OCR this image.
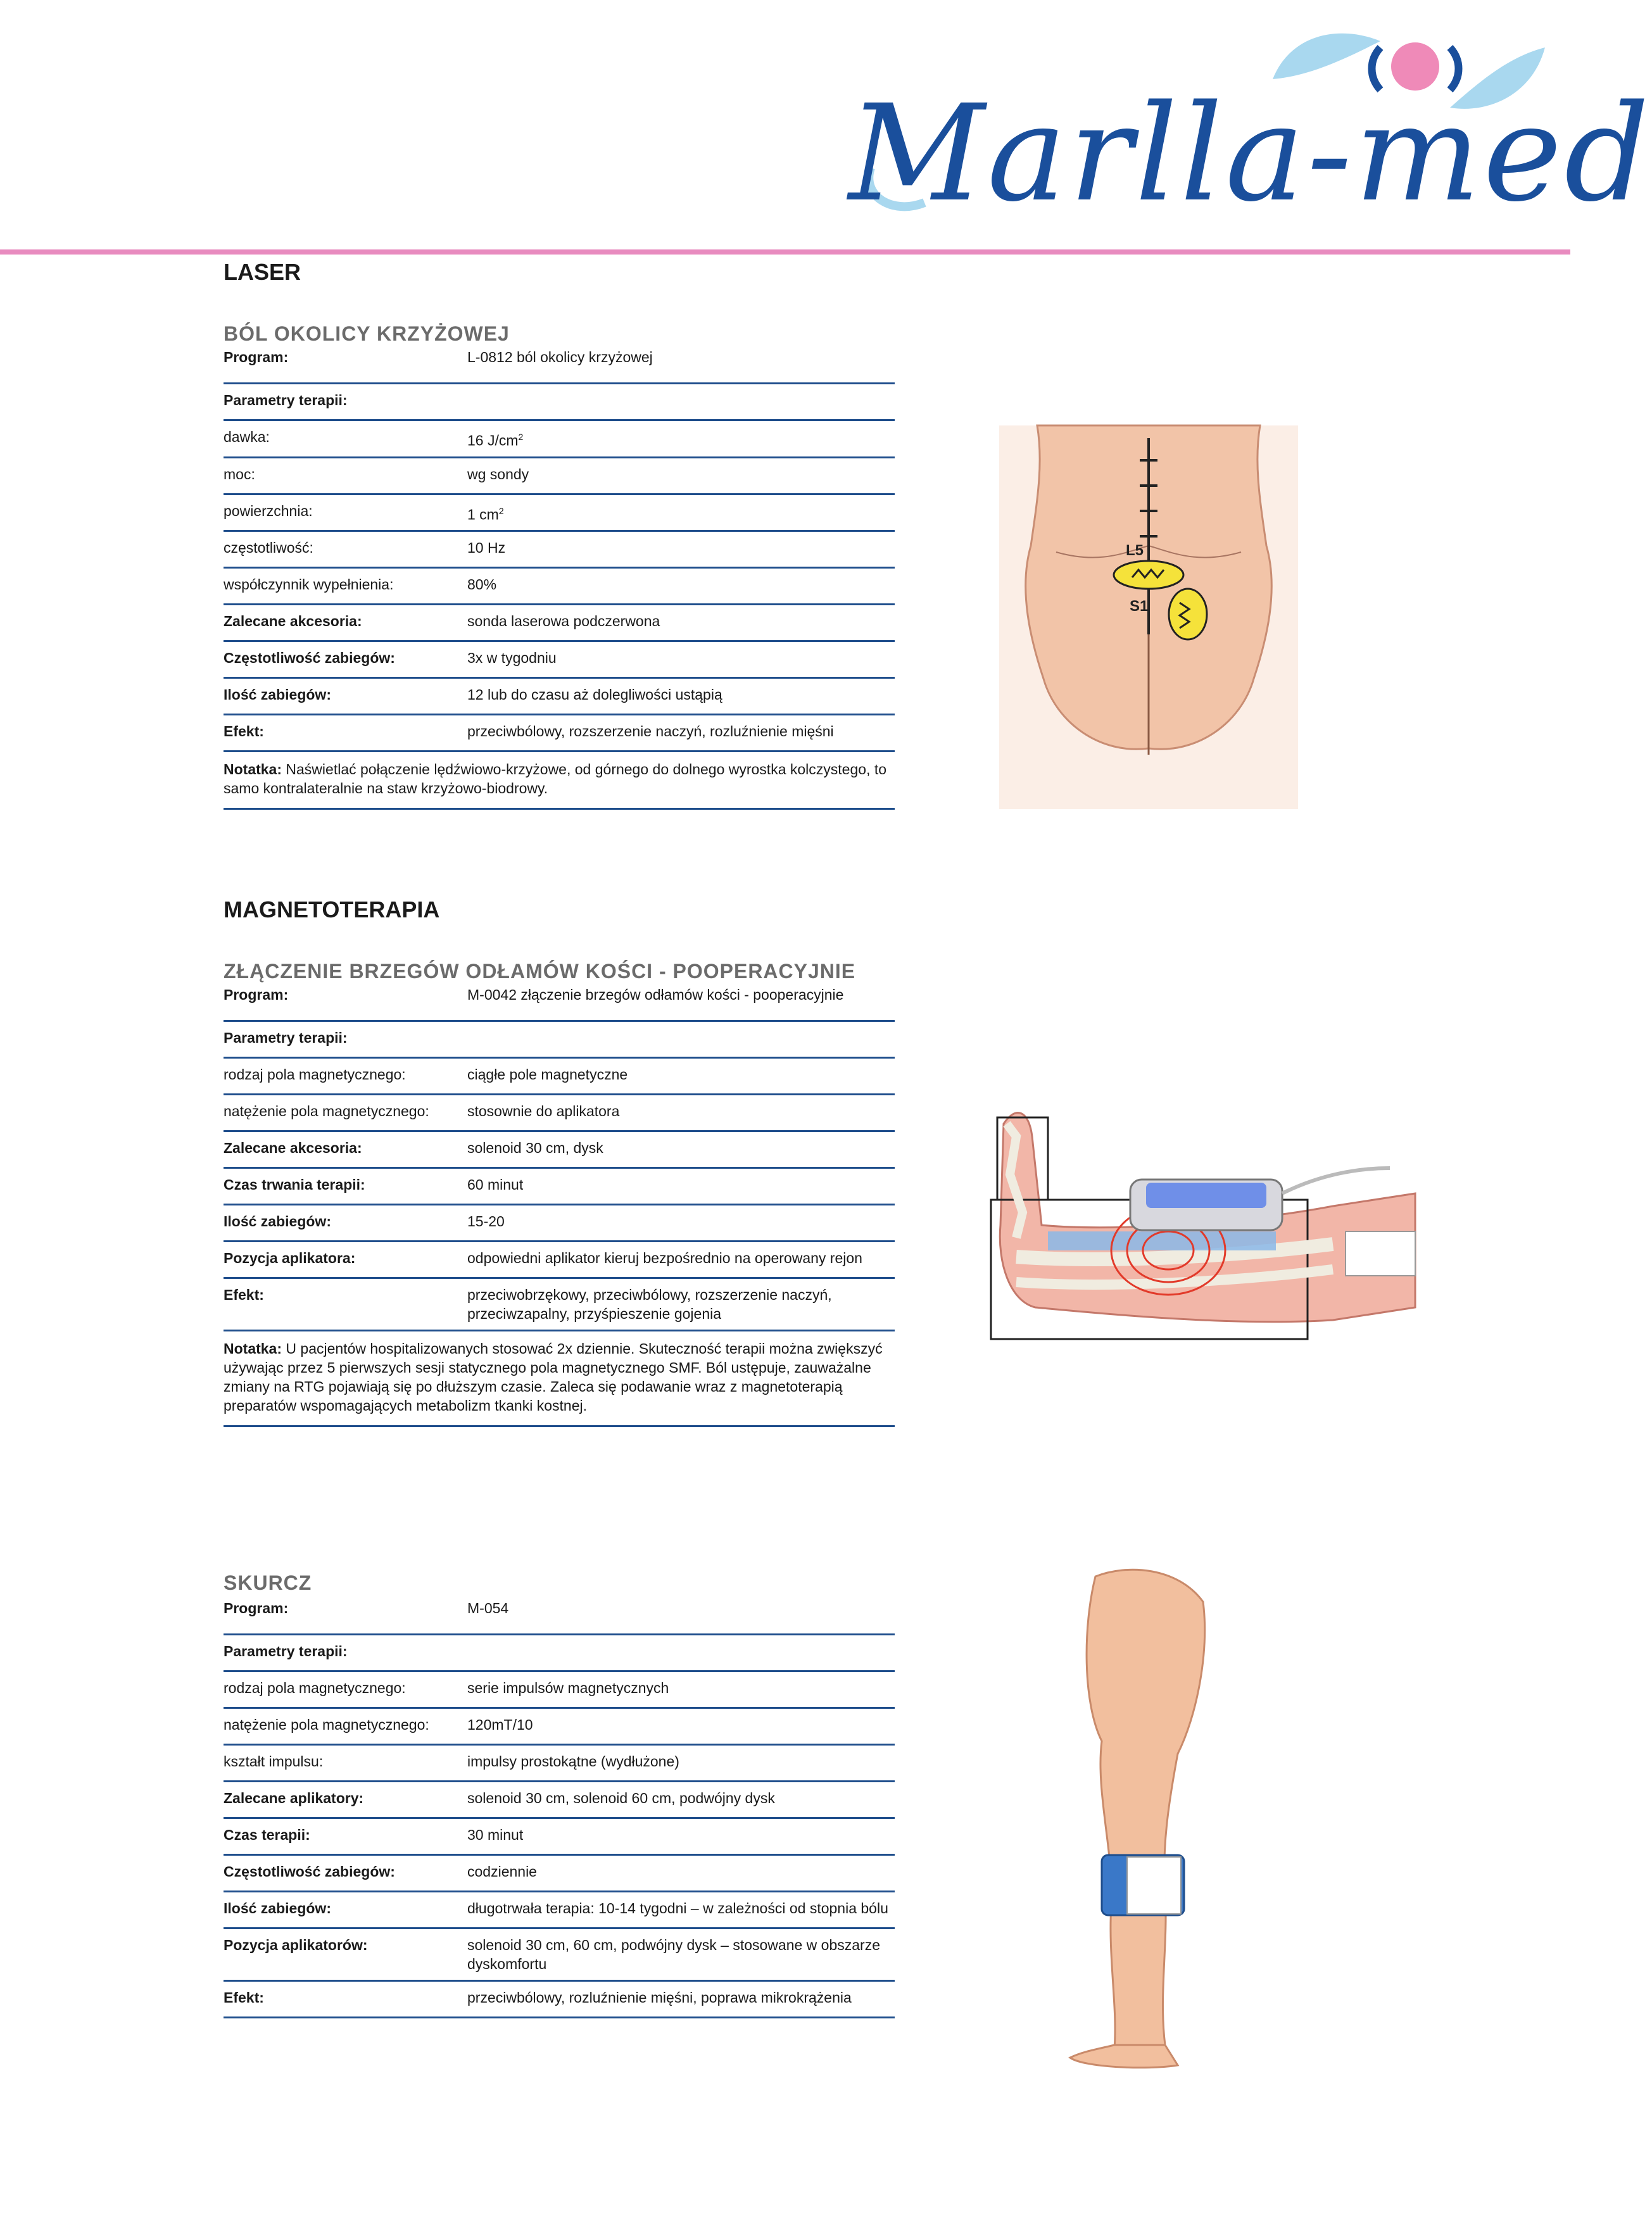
Marlla-med
LASER
BÓL OKOLICY KRZYŻOWEJ
Program:	L-0812 ból okolicy krzyżowej
Parametry terapii:
dawka:	16 $J/cm^2$
moc:	wg sondy
powierzchnia:	1 $cm^2$
częstotliwość:	10 Hz
współczynnik wypełnienia:	80%
Zalecane akcesoria:	sonda laserowa podczerwona
Częstotliwość zabiegów:	3x w tygodniu
Ilość zabiegów:	12 lub do czasu aż dolegliwości ustąpią
Efekt:	przeciwbólowy, rozszerzenie naczyń, rozluźnienie mięśni
Notatka: Naświetlać połączenie lędźwiowo-krzyżowe, od górnego do dolnego wyrostka kolczystego, to samo kontralateralnie na staw krzyżowo-biodrowy.
L5
S1
MAGNETOTERAPIA
ZŁĄCZENIE BRZEGÓW ODŁAMÓW KOŚCI - POOPERACYJNIE
Program:	M-0042 złączenie brzegów odłamów kości - pooperacyjnie
Parametry terapii:
rodzaj pola magnetycznego:	ciągłe pole magnetyczne
natężenie pola magnetycznego:	stosownie do aplikatora
Zalecane akcesoria:	solenoid 30 cm, dysk
Czas trwania terapii:	60 minut
Ilość zabiegów:	15-20
Pozycja aplikatora:	odpowiedni aplikator kieruj bezpośrednio na operowany rejon
Efekt:	przeciwobrzękowy, przeciwbólowy, rozszerzenie naczyń, przeciwzapalny, przyśpieszenie gojenia
Notatka: U pacjentów hospitalizowanych stosować 2x dziennie. Skuteczność terapii można zwiększyć używając przez 5 pierwszych sesji statycznego pola magnetycznego SMF. Ból ustępuje, zauważalne zmiany na RTG pojawiają się po dłuższym czasie. Zaleca się podawanie wraz z magnetoterapią preparatów wspomagających metabolizm tkanki kostnej.
SKURCZ
Program:	M-054
Parametry terapii:
rodzaj pola magnetycznego:	serie impulsów magnetycznych
natężenie pola magnetycznego:	120mT/10
kształt impulsu:	impulsy prostokątne (wydłużone)
Zalecane aplikatory:	solenoid 30 cm, solenoid 60 cm, podwójny dysk
Czas terapii:	30 minut
Częstotliwość zabiegów:	codziennie
Ilość zabiegów:	długotrwała terapia: 10-14 tygodni – w zależności od stopnia bólu
Pozycja aplikatorów:	solenoid 30 cm, 60 cm, podwójny dysk – stosowane w obszarze dyskomfortu
Efekt:	przeciwbólowy, rozluźnienie mięśni, poprawa mikrokrążenia
